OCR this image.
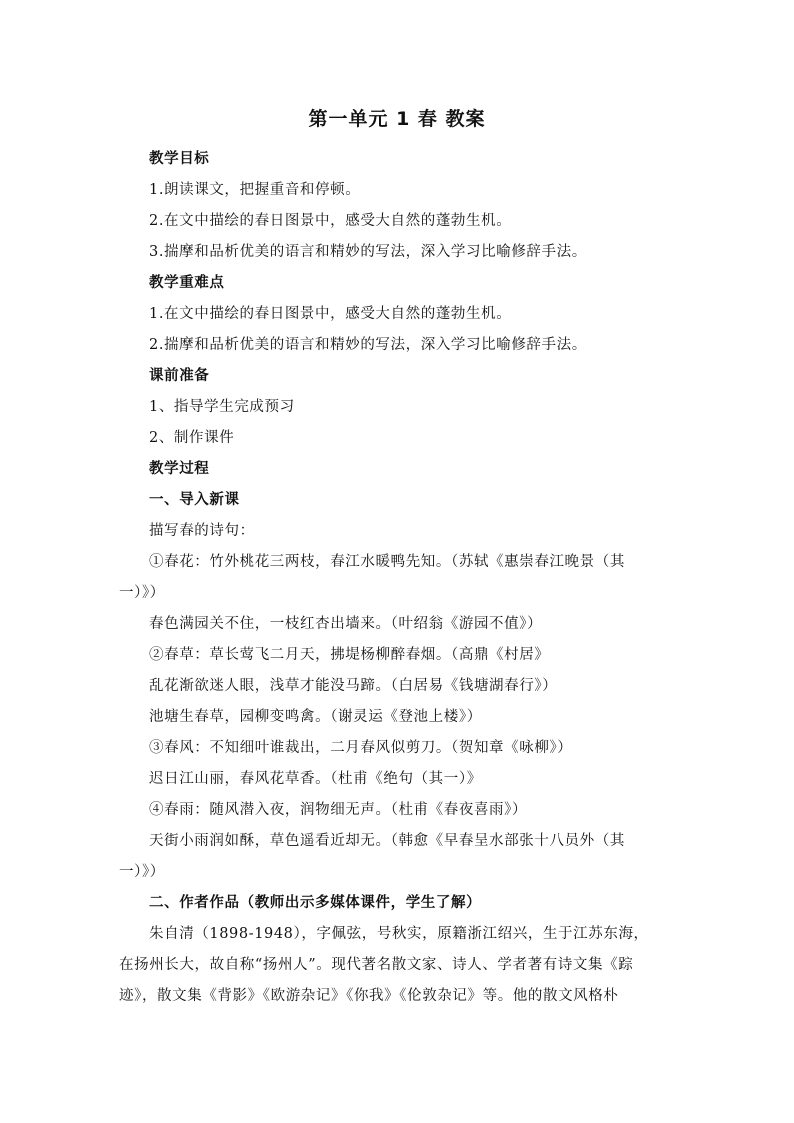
第一单元 1 春 教案

教学目标

1.朗读课文，把握重音和停顿。

2.在文中描绘的春日图景中，感受大自然的蓬勃生机。

3.揣摩和品析优美的语言和精妙的写法，深入学习比喻修辞手法。

教学重难点

1.在文中描绘的春日图景中，感受大自然的蓬勃生机。

2.揣摩和品析优美的语言和精妙的写法，深入学习比喻修辞手法。

课前准备

1、指导学生完成预习

2、制作课件

教学过程

一、导入新课

描写春的诗句：

①春花：竹外桃花三两枝，春江水暖鸭先知。（苏轼《惠崇春江晚景（其

一）》）

春色满园关不住，一枝红杏出墙来。（叶绍翁《游园不值》）

②春草：草长莺飞二月天，拂堤杨柳醉春烟。（高鼎《村居》

乱花渐欲迷人眼，浅草才能没马蹄。（白居易《钱塘湖春行》）

池塘生春草，园柳变鸣禽。（谢灵运《登池上楼》）

③春风：不知细叶谁裁出，二月春风似剪刀。（贺知章《咏柳》）

迟日江山丽，春风花草香。（杜甫《绝句（其一）》

④春雨：随风潜入夜，润物细无声。（杜甫《春夜喜雨》）

天街小雨润如酥，草色遥看近却无。（韩愈《早春呈水部张十八员外（其

一）》）

二、作者作品（教师出示多媒体课件，学生了解）

朱自清（1898-1948），字佩弦，号秋实，原籍浙江绍兴，生于江苏东海，

在扬州长大，故自称“扬州人”。现代著名散文家、诗人、学者著有诗文集《踪

迹》，散文集《背影》《欧游杂记》《你我》《伦敦杂记》等。他的散文风格朴
